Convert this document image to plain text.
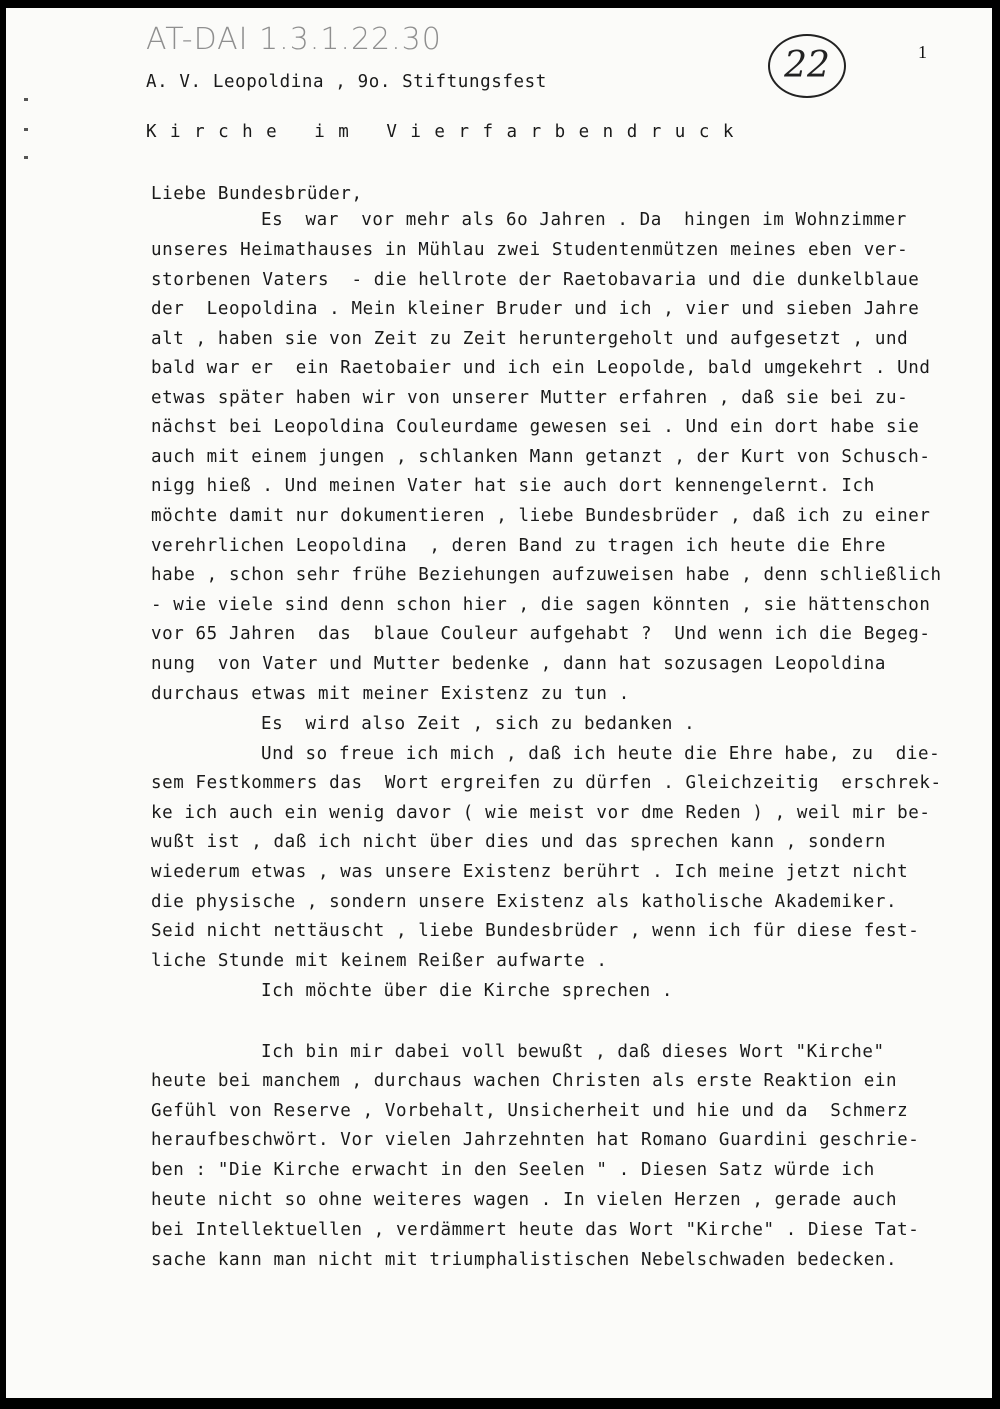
AT-DAI 1.3.1.22.30
22	1
A. V. Leopoldina , 9o. Stiftungsfest
Kirche im Vierfarbendruck
Liebe Bundesbrüder,
Es  war  vor mehr als 6o Jahren . Da  hingen im Wohnzimmer
unseres Heimathauses in Mühlau zwei Studentenmützen meines eben ver-
storbenen Vaters  - die hellrote der Raetobavaria und die dunkelblaue
der  Leopoldina . Mein kleiner Bruder und ich , vier und sieben Jahre
alt , haben sie von Zeit zu Zeit heruntergeholt und aufgesetzt , und
bald war er  ein Raetobaier und ich ein Leopolde, bald umgekehrt . Und
etwas später haben wir von unserer Mutter erfahren , daß sie bei zu-
nächst bei Leopoldina Couleurdame gewesen sei . Und ein dort habe sie
auch mit einem jungen , schlanken Mann getanzt , der Kurt von Schusch-
nigg hieß . Und meinen Vater hat sie auch dort kennengelernt. Ich
möchte damit nur dokumentieren , liebe Bundesbrüder , daß ich zu einer
verehrlichen Leopoldina  , deren Band zu tragen ich heute die Ehre
habe , schon sehr frühe Beziehungen aufzuweisen habe , denn schließlich
- wie viele sind denn schon hier , die sagen könnten , sie hättenschon
vor 65 Jahren  das  blaue Couleur aufgehabt ?  Und wenn ich die Begeg-
nung  von Vater und Mutter bedenke , dann hat sozusagen Leopoldina
durchaus etwas mit meiner Existenz zu tun .
Es  wird also Zeit , sich zu bedanken .
Und so freue ich mich , daß ich heute die Ehre habe, zu  die-
sem Festkommers das  Wort ergreifen zu dürfen . Gleichzeitig  erschrek-
ke ich auch ein wenig davor ( wie meist vor dme Reden ) , weil mir be-
wußt ist , daß ich nicht über dies und das sprechen kann , sondern
wiederum etwas , was unsere Existenz berührt . Ich meine jetzt nicht
die physische , sondern unsere Existenz als katholische Akademiker.
Seid nicht nettäuscht , liebe Bundesbrüder , wenn ich für diese fest-
liche Stunde mit keinem Reißer aufwarte .
Ich möchte über die Kirche sprechen .
Ich bin mir dabei voll bewußt , daß dieses Wort "Kirche"
heute bei manchem , durchaus wachen Christen als erste Reaktion ein
Gefühl von Reserve , Vorbehalt, Unsicherheit und hie und da  Schmerz
heraufbeschwört. Vor vielen Jahrzehnten hat Romano Guardini geschrie-
ben : "Die Kirche erwacht in den Seelen " . Diesen Satz würde ich
heute nicht so ohne weiteres wagen . In vielen Herzen , gerade auch
bei Intellektuellen , verdämmert heute das Wort "Kirche" . Diese Tat-
sache kann man nicht mit triumphalistischen Nebelschwaden bedecken.
